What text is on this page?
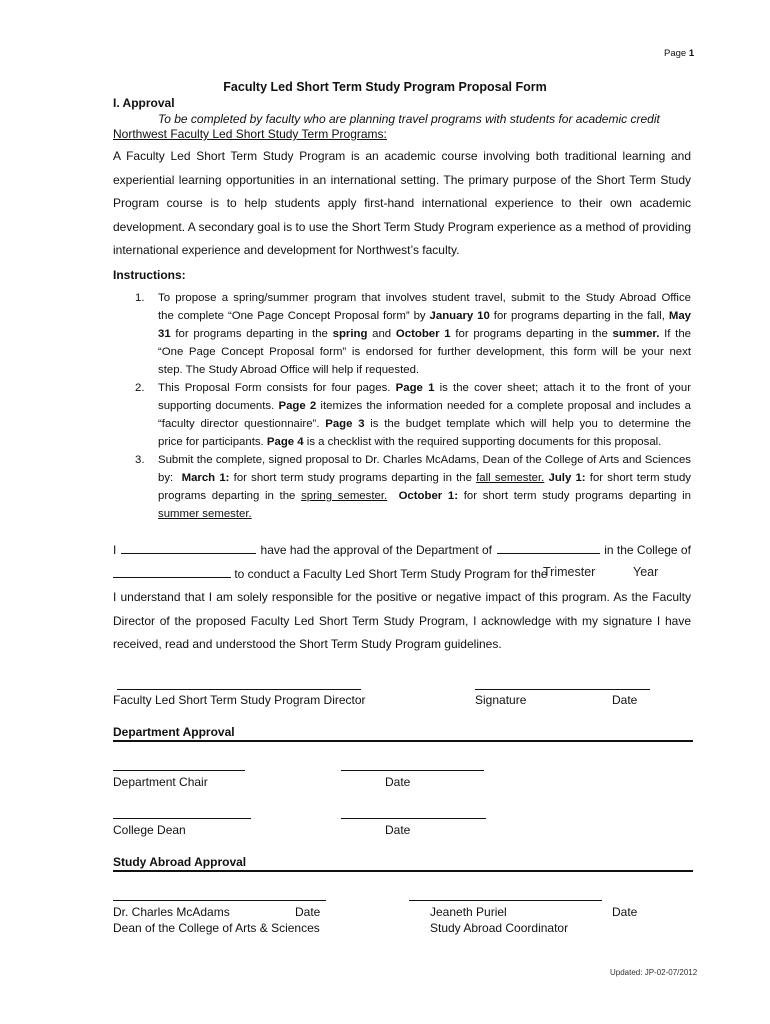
Page 1
Faculty Led Short Term Study Program Proposal Form
I. Approval
To be completed by faculty who are planning travel programs with students for academic credit
Northwest Faculty Led Short Study Term Programs:
A Faculty Led Short Term Study Program is an academic course involving both traditional learning and
experiential learning opportunities in an international setting. The primary purpose of the Short Term Study
Program course is to help students apply first-hand international experience to their own academic
development. A secondary goal is to use the Short Term Study Program experience as a method of providing
international experience and development for Northwest’s faculty.
Instructions:
1. To propose a spring/summer program that involves student travel, submit to the Study Abroad Office
the complete “One Page Concept Proposal form” by January 10 for programs departing in the fall, May
31 for programs departing in the spring and October 1 for programs departing in the summer. If the
“One Page Concept Proposal form” is endorsed for further development, this form will be your next
step. The Study Abroad Office will help if requested.
2. This Proposal Form consists for four pages. Page 1 is the cover sheet; attach it to the front of your
supporting documents. Page 2 itemizes the information needed for a complete proposal and includes a
“faculty director questionnaire”. Page 3 is the budget template which will help you to determine the
price for participants. Page 4 is a checklist with the required supporting documents for this proposal.
3. Submit the complete, signed proposal to Dr. Charles McAdams, Dean of the College of Arts and Sciences
by:  March 1: for short term study programs departing in the fall semester. July 1: for short term study
programs departing in the spring semester. October 1: for short term study programs departing in
summer semester.
I	have had the approval of the Department of	in the College of
to conduct a Faculty Led Short Term Study Program for the
Trimester	Year
I understand that I am solely responsible for the positive or negative impact of this program. As the Faculty
Director of the proposed Faculty Led Short Term Study Program, I acknowledge with my signature I have
received, read and understood the Short Term Study Program guidelines.
Faculty Led Short Term Study Program Director	Signature	Date
Department Approval
Department Chair	Date
College Dean	Date
Study Abroad Approval
Dr. Charles McAdams	Date	Jeaneth Puriel	Date
Dean of the College of Arts & Sciences	Study Abroad Coordinator
Updated: JP-02-07/2012
